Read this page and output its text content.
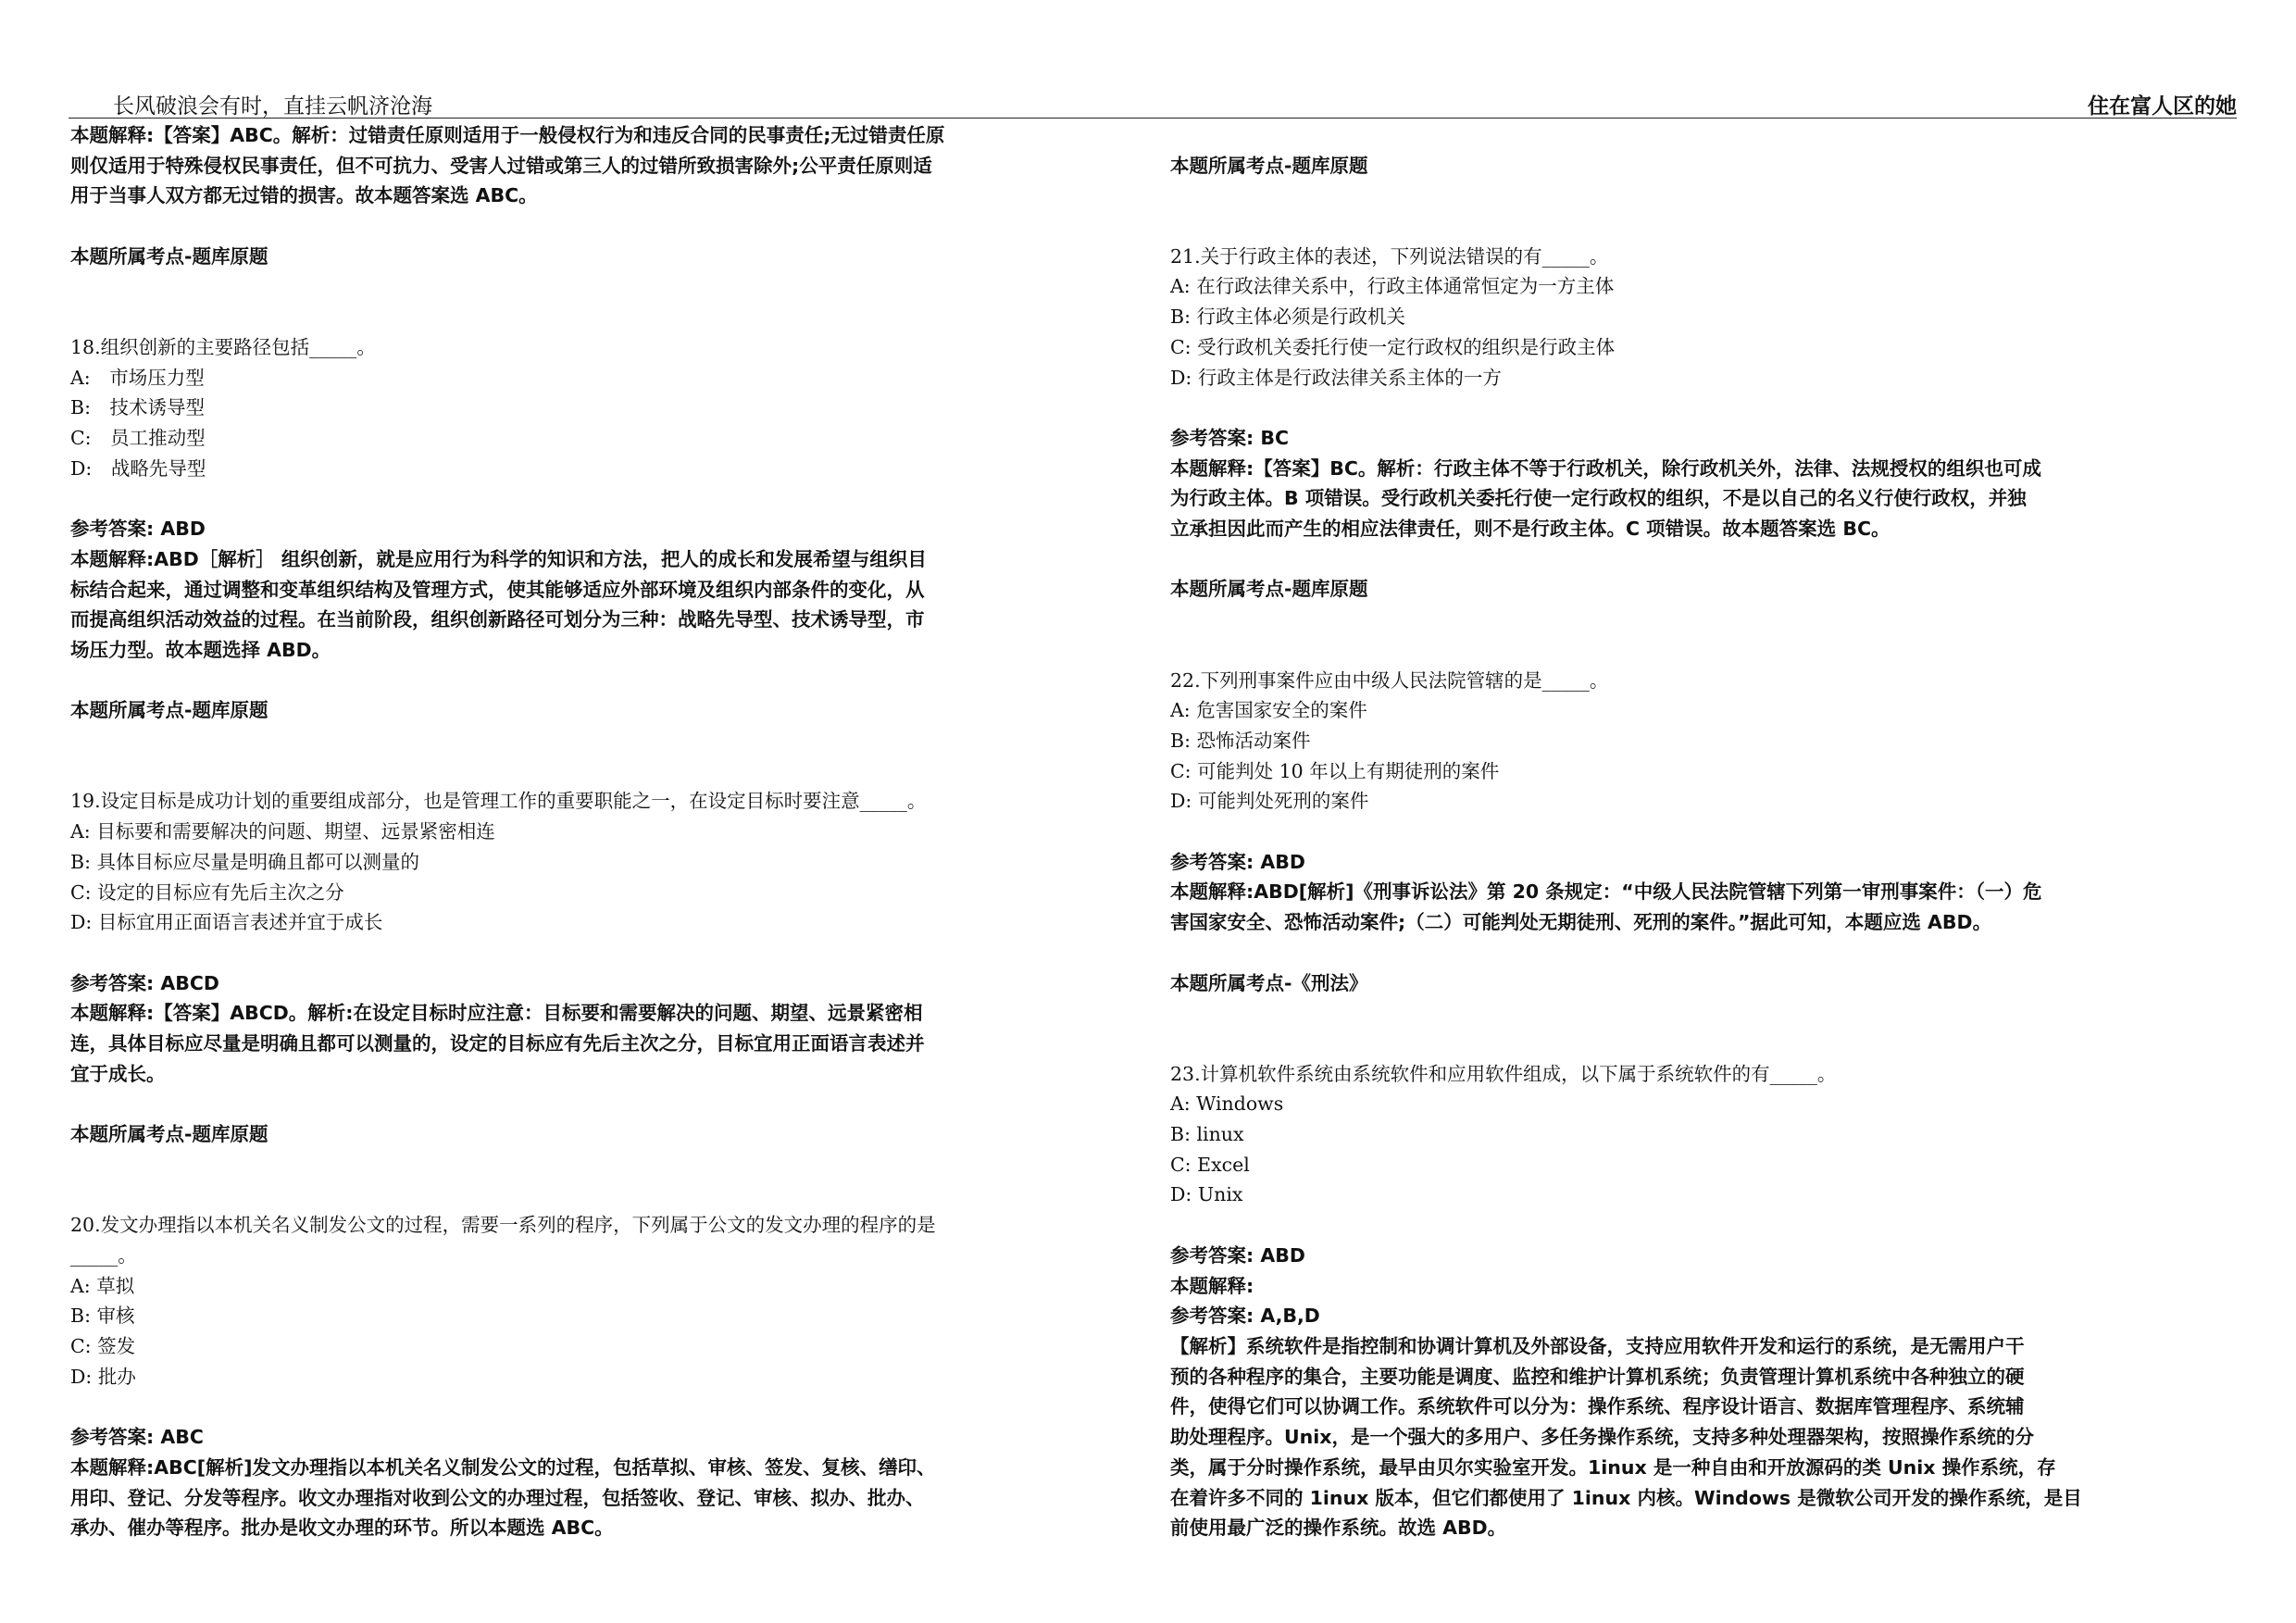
长风破浪会有时，直挂云帆济沧海	住在富人区的她
本题解释:【答案】ABC。解析：过错责任原则适用于一般侵权行为和违反合同的民事责任;无过错责任原
则仅适用于特殊侵权民事责任，但不可抗力、受害人过错或第三人的过错所致损害除外;公平责任原则适
用于当事人双方都无过错的损害。故本题答案选 ABC。
本题所属考点-题库原题
18.组织创新的主要路径包括_____。
A:　市场压力型
B:　技术诱导型
C:　员工推动型
D:　战略先导型
参考答案: ABD
本题解释:ABD［解析］ 组织创新，就是应用行为科学的知识和方法，把人的成长和发展希望与组织目
标结合起来，通过调整和变革组织结构及管理方式，使其能够适应外部环境及组织内部条件的变化，从
而提高组织活动效益的过程。在当前阶段，组织创新路径可划分为三种：战略先导型、技术诱导型，市
场压力型。故本题选择 ABD。
本题所属考点-题库原题
19.设定目标是成功计划的重要组成部分，也是管理工作的重要职能之一，在设定目标时要注意_____。
A: 目标要和需要解决的问题、期望、远景紧密相连
B: 具体目标应尽量是明确且都可以测量的
C: 设定的目标应有先后主次之分
D: 目标宜用正面语言表述并宜于成长
参考答案: ABCD
本题解释:【答案】ABCD。解析:在设定目标时应注意：目标要和需要解决的问题、期望、远景紧密相
连，具体目标应尽量是明确且都可以测量的，设定的目标应有先后主次之分，目标宜用正面语言表述并
宜于成长。
本题所属考点-题库原题
20.发文办理指以本机关名义制发公文的过程，需要一系列的程序，下列属于公文的发文办理的程序的是
_____。
A: 草拟
B: 审核
C: 签发
D: 批办
参考答案: ABC
本题解释:ABC[解析]发文办理指以本机关名义制发公文的过程，包括草拟、审核、签发、复核、缮印、
用印、登记、分发等程序。收文办理指对收到公文的办理过程，包括签收、登记、审核、拟办、批办、
承办、催办等程序。批办是收文办理的环节。所以本题选 ABC。
本题所属考点-题库原题
21.关于行政主体的表述，下列说法错误的有_____。
A: 在行政法律关系中，行政主体通常恒定为一方主体
B: 行政主体必须是行政机关
C: 受行政机关委托行使一定行政权的组织是行政主体
D: 行政主体是行政法律关系主体的一方
参考答案: BC
本题解释:【答案】BC。解析：行政主体不等于行政机关，除行政机关外，法律、法规授权的组织也可成
为行政主体。B 项错误。受行政机关委托行使一定行政权的组织，不是以自己的名义行使行政权，并独
立承担因此而产生的相应法律责任，则不是行政主体。C 项错误。故本题答案选 BC。
本题所属考点-题库原题
22.下列刑事案件应由中级人民法院管辖的是_____。
A: 危害国家安全的案件
B: 恐怖活动案件
C: 可能判处 10 年以上有期徒刑的案件
D: 可能判处死刑的案件
参考答案: ABD
本题解释:ABD[解析]《刑事诉讼法》第 20 条规定：“中级人民法院管辖下列第一审刑事案件：（一）危
害国家安全、恐怖活动案件;（二）可能判处无期徒刑、死刑的案件。”据此可知，本题应选 ABD。
本题所属考点-《刑法》
23.计算机软件系统由系统软件和应用软件组成，以下属于系统软件的有_____。
A: Windows
B: linux
C: Excel
D: Unix
参考答案: ABD
本题解释:
参考答案: A,B,D
【解析】系统软件是指控制和协调计算机及外部设备，支持应用软件开发和运行的系统，是无需用户干
预的各种程序的集合，主要功能是调度、监控和维护计算机系统；负责管理计算机系统中各种独立的硬
件，使得它们可以协调工作。系统软件可以分为：操作系统、程序设计语言、数据库管理程序、系统辅
助处理程序。Unix，是一个强大的多用户、多任务操作系统，支持多种处理器架构，按照操作系统的分
类，属于分时操作系统，最早由贝尔实验室开发。1inux 是一种自由和开放源码的类 Unix 操作系统，存
在着许多不同的 1inux 版本，但它们都使用了 1inux 内核。Windows 是微软公司开发的操作系统，是目
前使用最广泛的操作系统。故选 ABD。
